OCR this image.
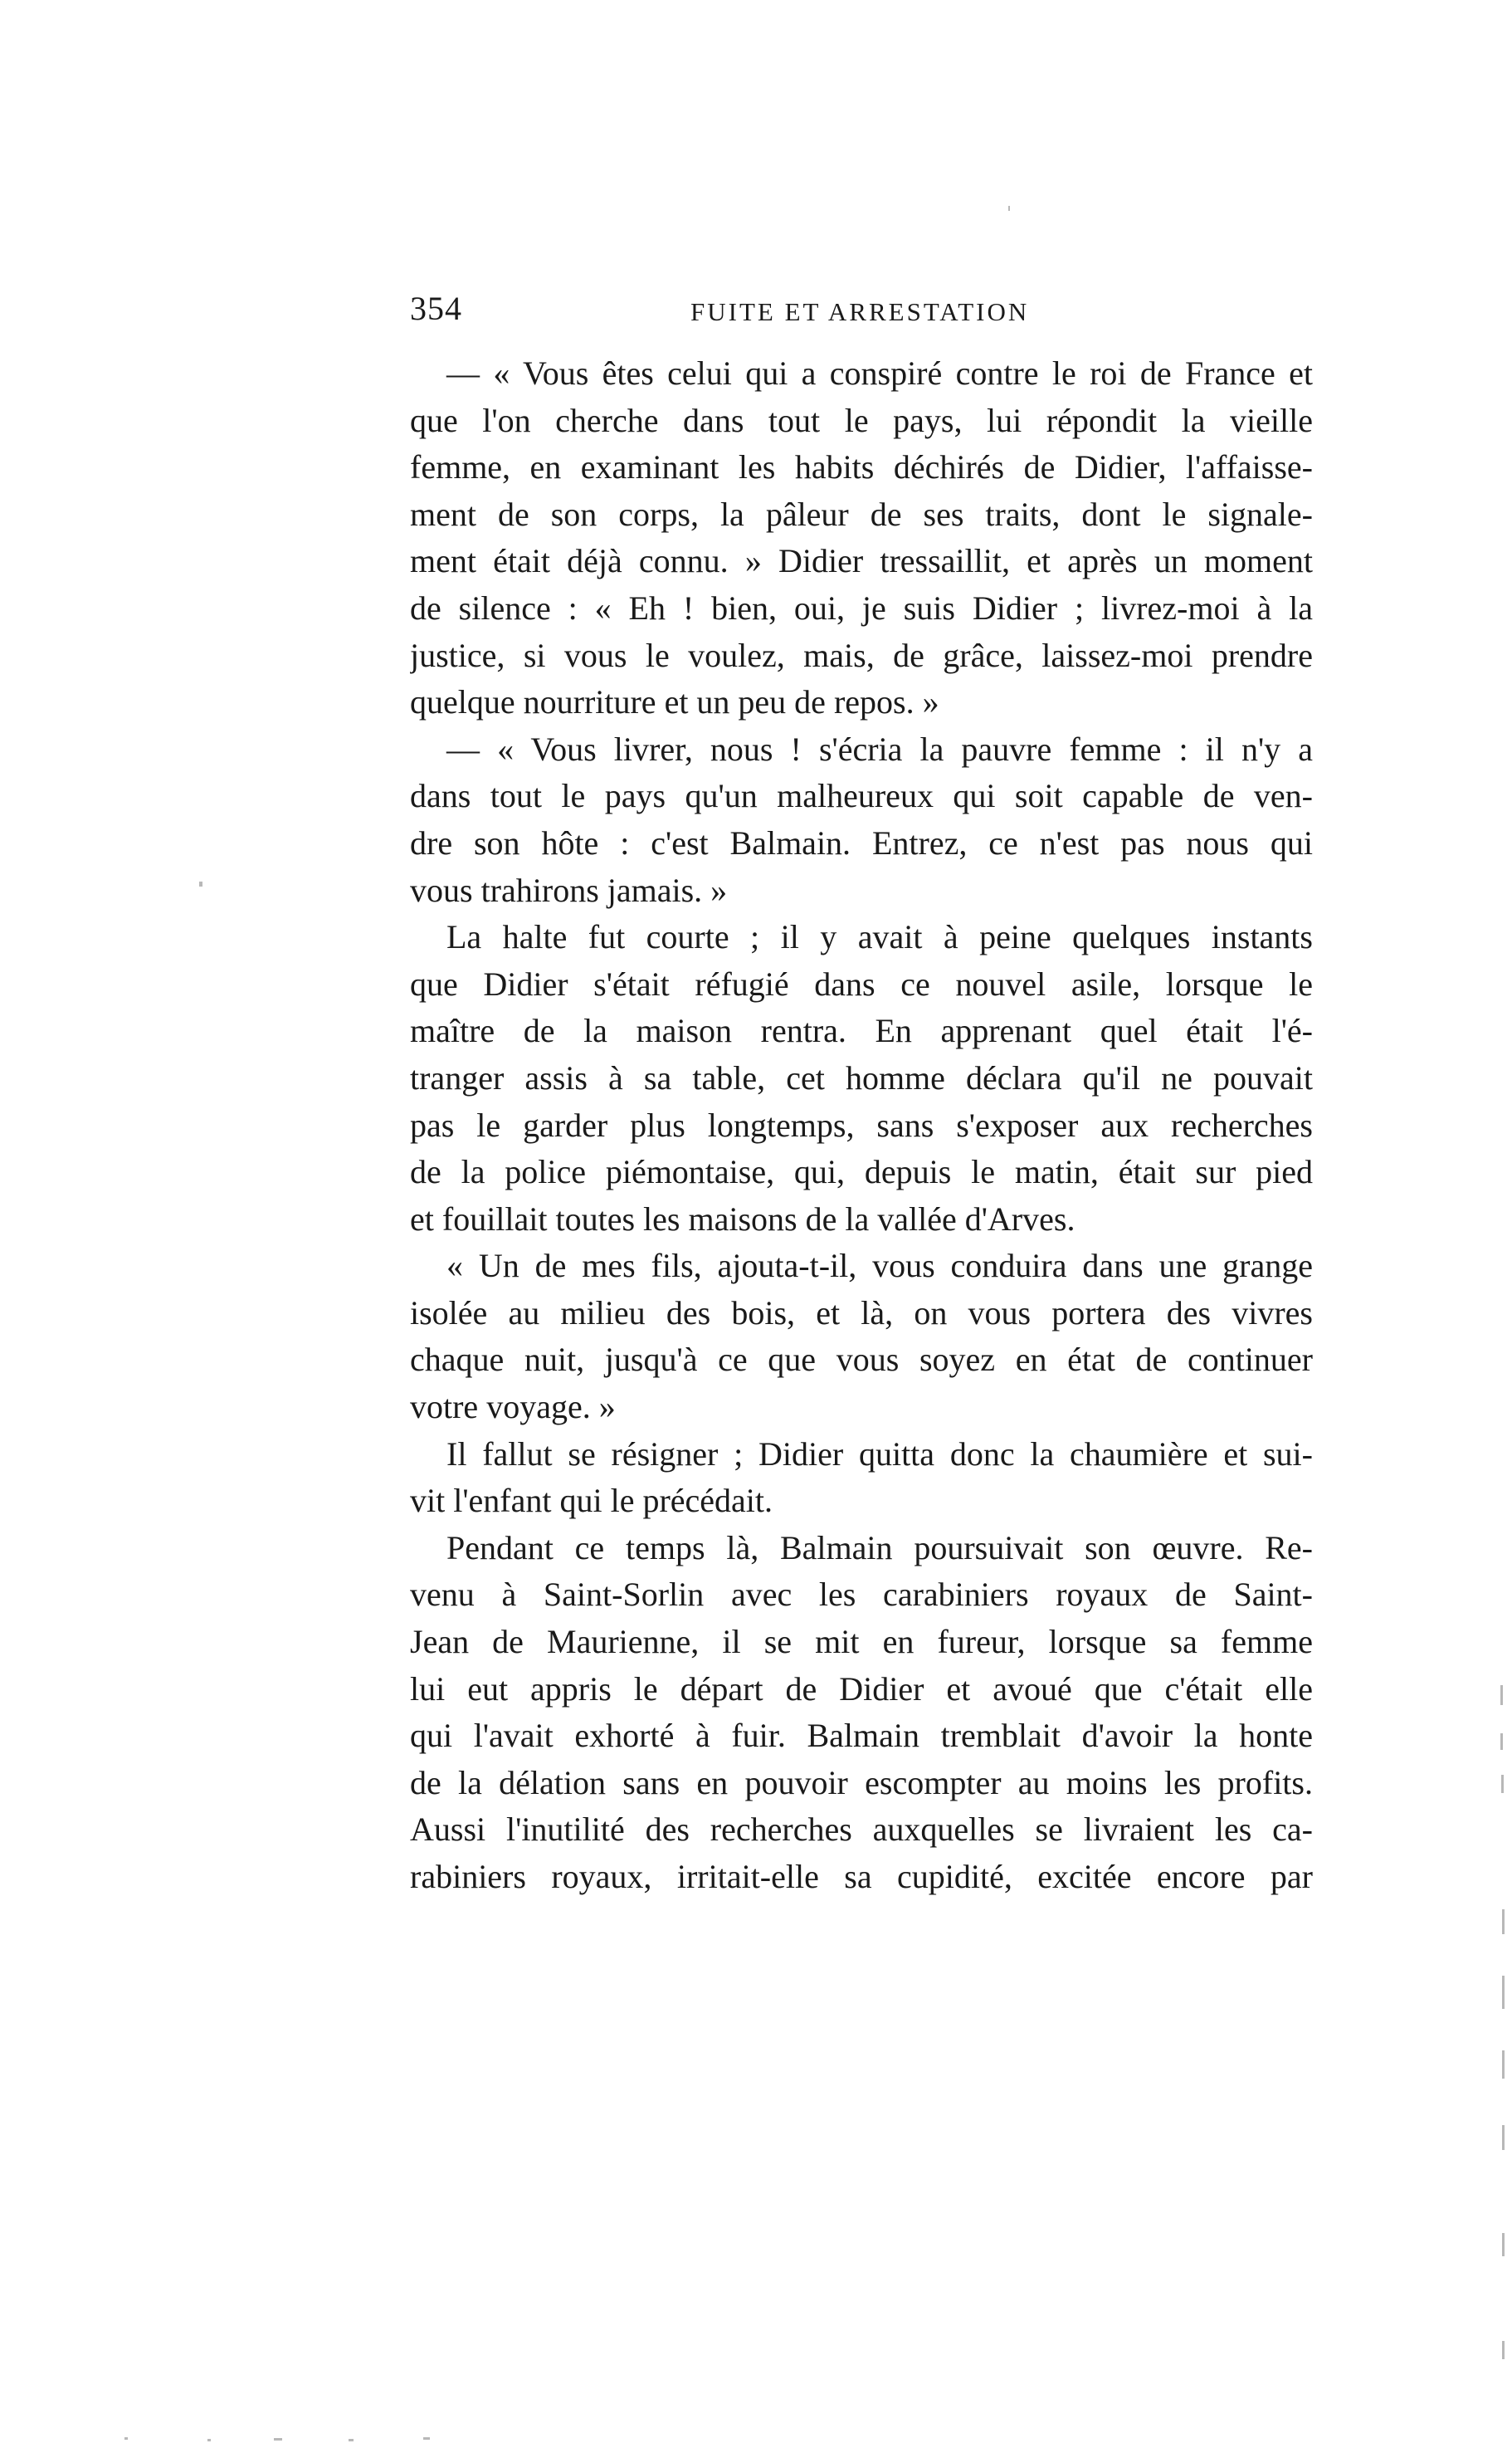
354	FUITE ET ARRESTATION
— « Vous êtes celui qui a conspiré contre le roi de France et
que l'on cherche dans tout le pays, lui répondit la vieille
femme, en examinant les habits déchirés de Didier, l'affaisse-
ment de son corps, la pâleur de ses traits, dont le signale-
ment était déjà connu. » Didier tressaillit, et après un moment
de silence : « Eh ! bien, oui, je suis Didier ; livrez-moi à la
justice, si vous le voulez, mais, de grâce, laissez-moi prendre
quelque nourriture et un peu de repos. »
— « Vous livrer, nous ! s'écria la pauvre femme : il n'y a
dans tout le pays qu'un malheureux qui soit capable de ven-
dre son hôte : c'est Balmain. Entrez, ce n'est pas nous qui
vous trahirons jamais. »
La halte fut courte ; il y avait à peine quelques instants
que Didier s'était réfugié dans ce nouvel asile, lorsque le
maître de la maison rentra. En apprenant quel était l'é-
tranger assis à sa table, cet homme déclara qu'il ne pouvait
pas le garder plus longtemps, sans s'exposer aux recherches
de la police piémontaise, qui, depuis le matin, était sur pied
et fouillait toutes les maisons de la vallée d'Arves.
« Un de mes fils, ajouta-t-il, vous conduira dans une grange
isolée au milieu des bois, et là, on vous portera des vivres
chaque nuit, jusqu'à ce que vous soyez en état de continuer
votre voyage. »
Il fallut se résigner ; Didier quitta donc la chaumière et sui-
vit l'enfant qui le précédait.
Pendant ce temps là, Balmain poursuivait son œuvre. Re-
venu à Saint-Sorlin avec les carabiniers royaux de Saint-
Jean de Maurienne, il se mit en fureur, lorsque sa femme
lui eut appris le départ de Didier et avoué que c'était elle
qui l'avait exhorté à fuir. Balmain tremblait d'avoir la honte
de la délation sans en pouvoir escompter au moins les profits.
Aussi l'inutilité des recherches auxquelles se livraient les ca-
rabiniers royaux, irritait-elle sa cupidité, excitée encore par
